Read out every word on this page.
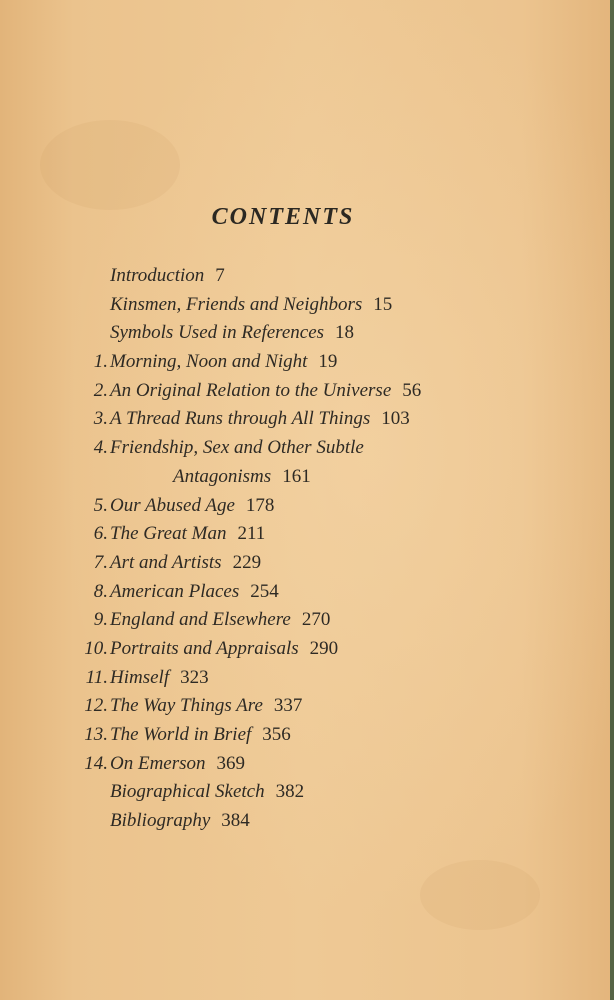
CONTENTS
Introduction 7
Kinsmen, Friends and Neighbors 15
Symbols Used in References 18
1. Morning, Noon and Night 19
2. An Original Relation to the Universe 56
3. A Thread Runs through All Things 103
4. Friendship, Sex and Other Subtle
Antagonisms 161
5. Our Abused Age 178
6. The Great Man 211
7. Art and Artists 229
8. American Places 254
9. England and Elsewhere 270
10. Portraits and Appraisals 290
11. Himself 323
12. The Way Things Are 337
13. The World in Brief 356
14. On Emerson 369
Biographical Sketch 382
Bibliography 384
